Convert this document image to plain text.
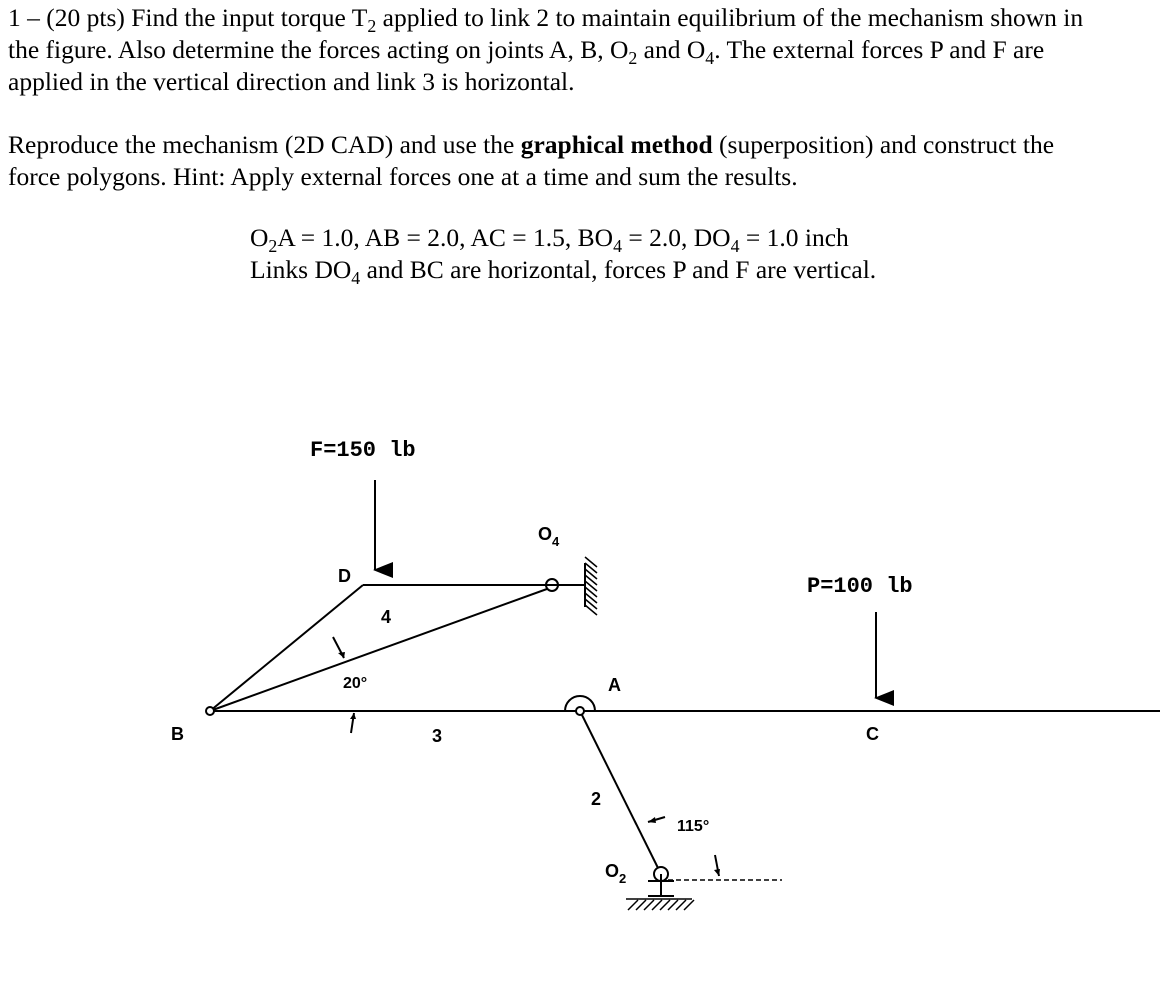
1 – (20 pts) Find the input torque $T_2$ applied to link 2 to maintain equilibrium of the mechanism shown in

the figure. Also determine the forces acting on joints A, B, $O_2$ and $O_4$. The external forces P and F are

applied in the vertical direction and link 3 is horizontal.

Reproduce the mechanism (2D CAD) and use the graphical method (superposition) and construct the

force polygons. Hint: Apply external forces one at a time and sum the results.

$O_2A = 1.0$, AB = 2.0, AC = 1.5, $BO_4 = 2.0$, $DO_4 = 1.0$ inch

Links $DO_4$ and BC are horizontal, forces P and F are vertical.

F=150 lb
P=100 lb
D
B
A
C
$O_4$
$O_2$
4
3
2
20°
115°
